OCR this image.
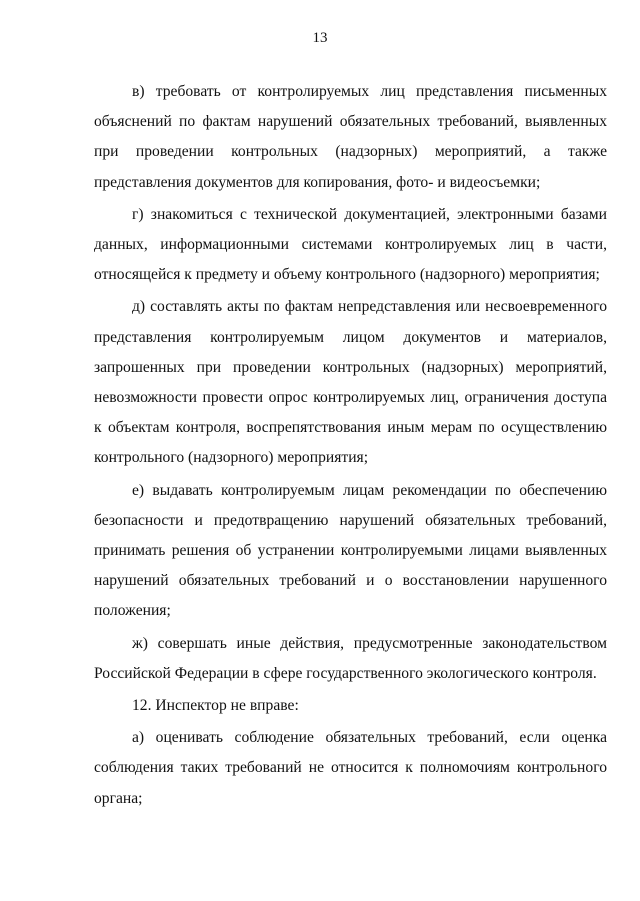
13

в) требовать от контролируемых лиц представления письменных объяснений по фактам нарушений обязательных требований, выявленных при проведении контрольных (надзорных) мероприятий, а также представления документов для копирования, фото- и видеосъемки;

г) знакомиться с технической документацией, электронными базами данных, информационными системами контролируемых лиц в части, относящейся к предмету и объему контрольного (надзорного) мероприятия;

д) составлять акты по фактам непредставления или несвоевременного представления контролируемым лицом документов и материалов, запрошенных при проведении контрольных (надзорных) мероприятий, невозможности провести опрос контролируемых лиц, ограничения доступа к объектам контроля, воспрепятствования иным мерам по осуществлению контрольного (надзорного) мероприятия;

е) выдавать контролируемым лицам рекомендации по обеспечению безопасности и предотвращению нарушений обязательных требований, принимать решения об устранении контролируемыми лицами выявленных нарушений обязательных требований и о восстановлении нарушенного положения;

ж) совершать иные действия, предусмотренные законодательством Российской Федерации в сфере государственного экологического контроля.

12. Инспектор не вправе:

а) оценивать соблюдение обязательных требований, если оценка соблюдения таких требований не относится к полномочиям контрольного органа;
